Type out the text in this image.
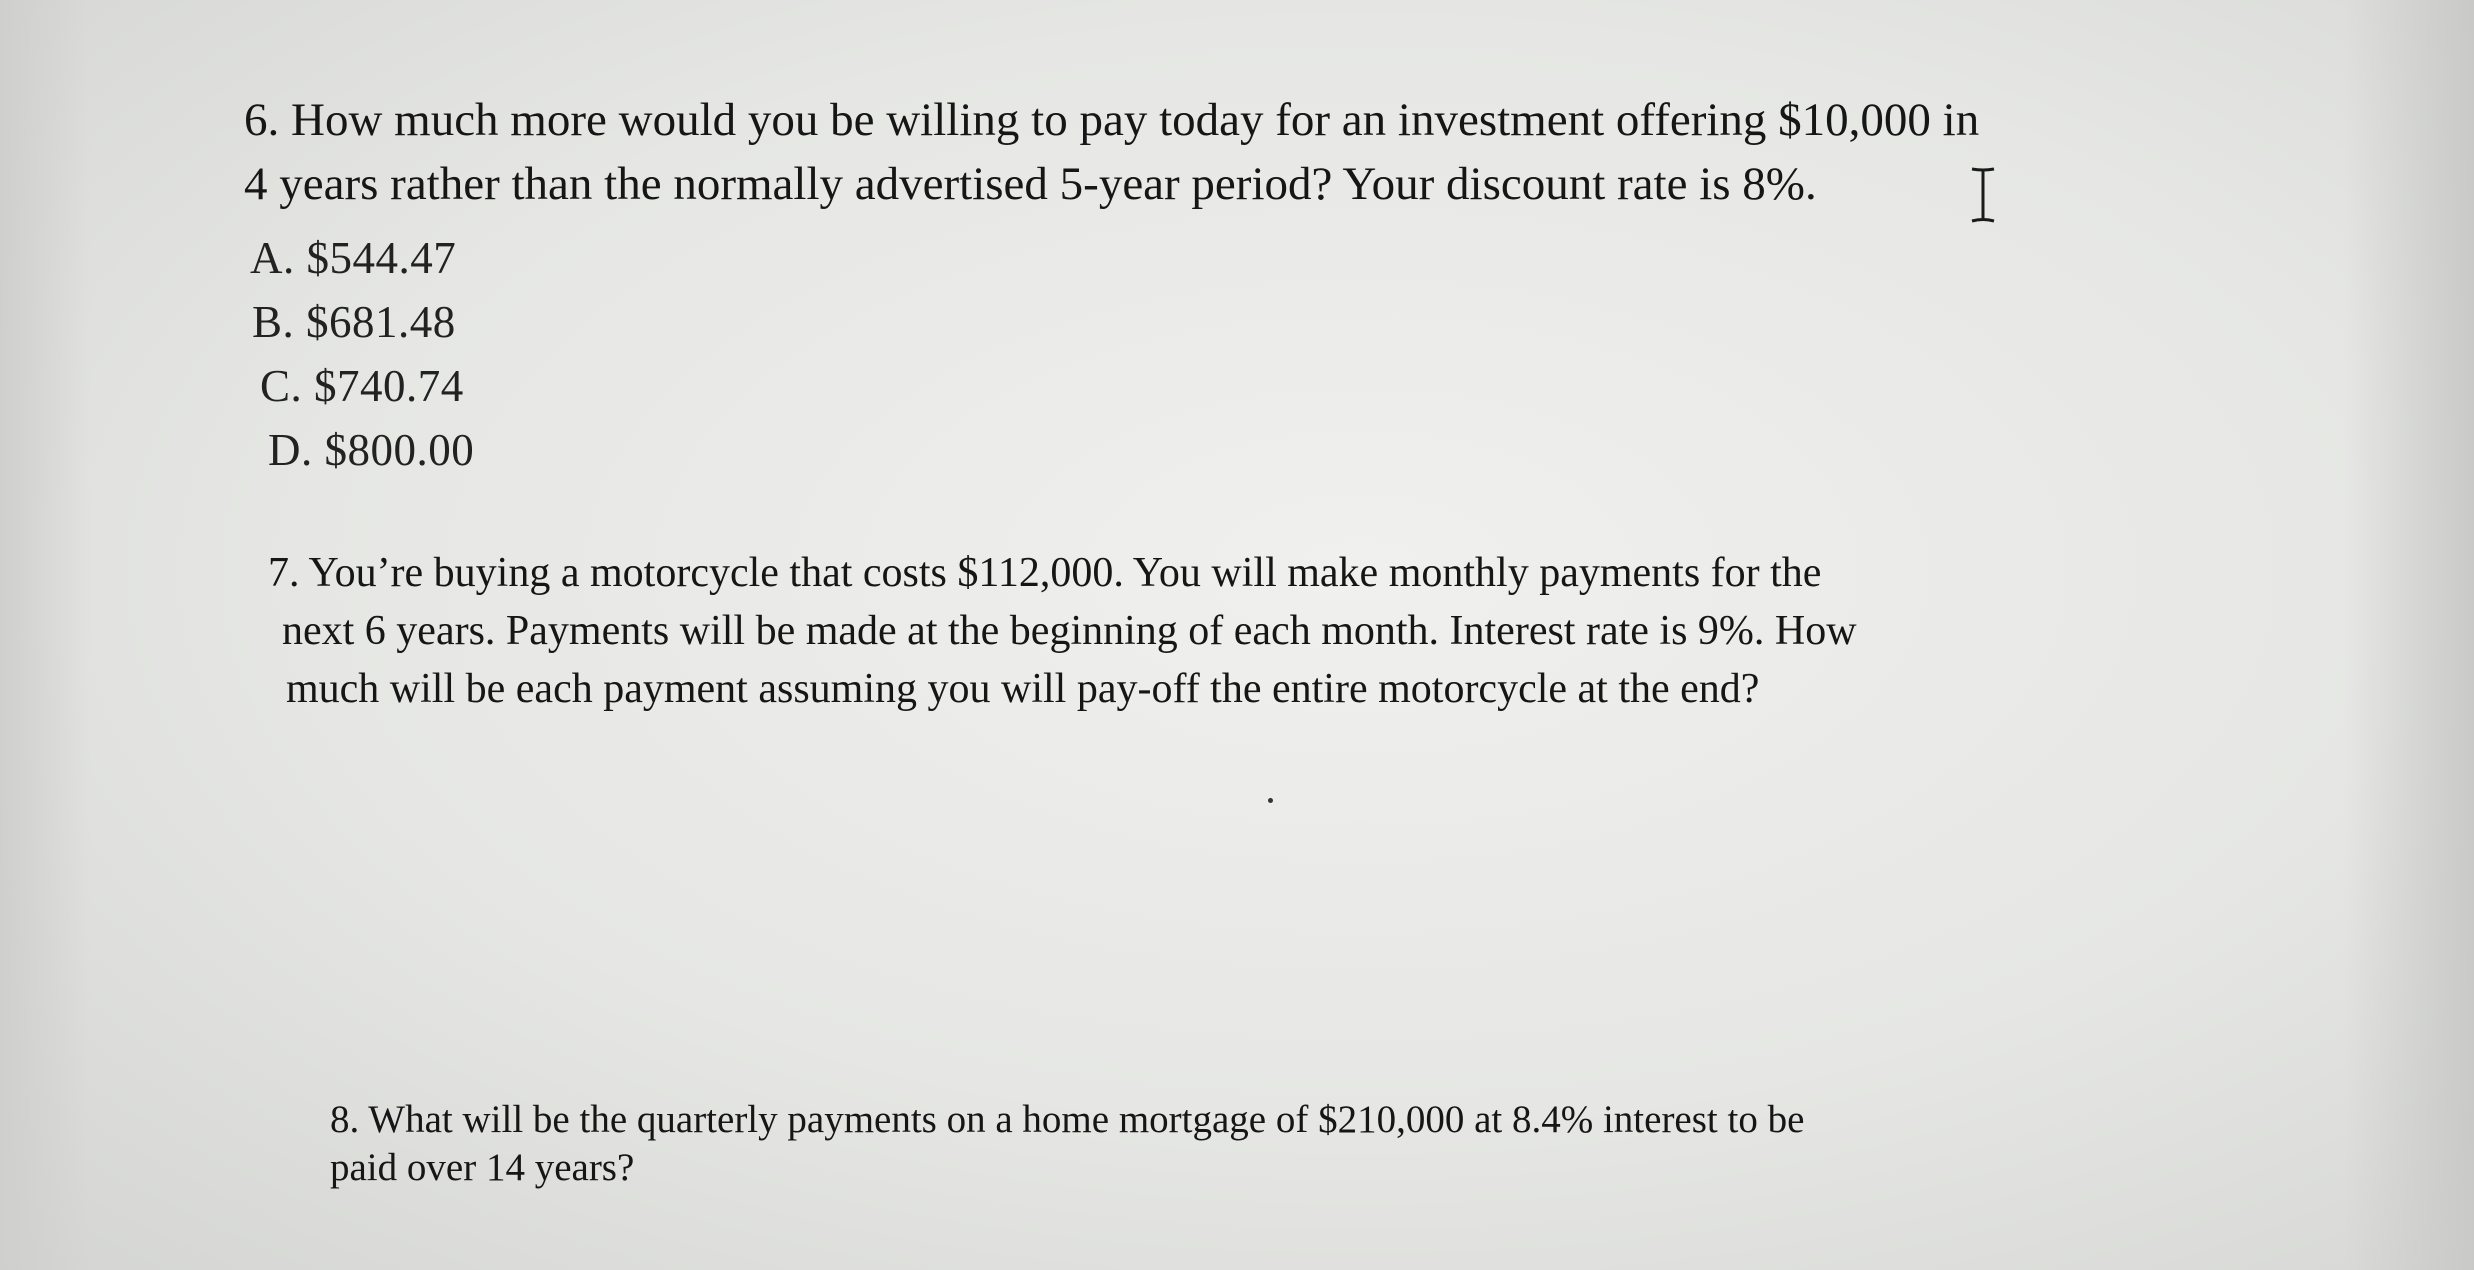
6. How much more would you be willing to pay today for an investment offering $10,000 in
4 years rather than the normally advertised 5-year period? Your discount rate is 8%.

A. $544.47
B. $681.48
C. $740.74
D. $800.00

7. You’re buying a motorcycle that costs $112,000. You will make monthly payments for the
next 6 years. Payments will be made at the beginning of each month. Interest rate is 9%. How
much will be each payment assuming you will pay-off the entire motorcycle at the end?

8. What will be the quarterly payments on a home mortgage of $210,000 at 8.4% interest to be
paid over 14 years?
